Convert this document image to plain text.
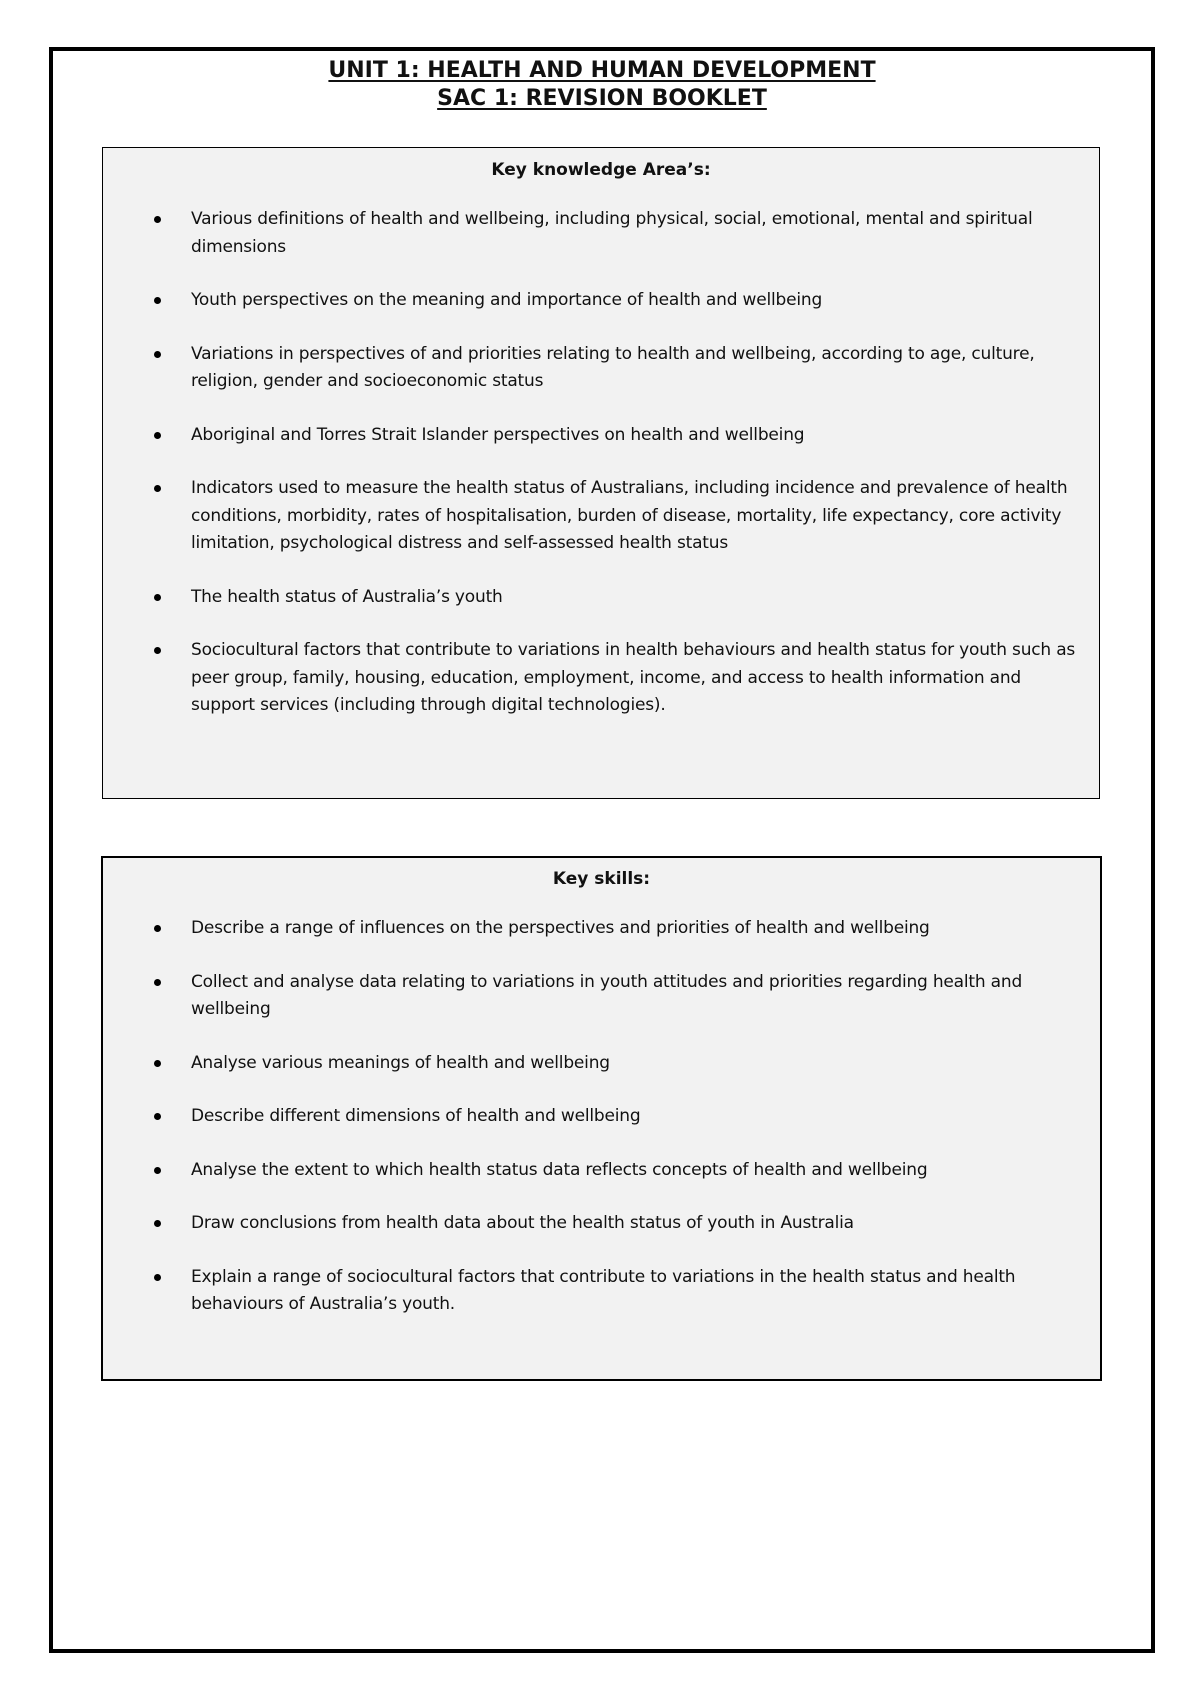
UNIT 1: HEALTH AND HUMAN DEVELOPMENT
SAC 1: REVISION BOOKLET
Key knowledge Area’s:
Various definitions of health and wellbeing, including physical, social, emotional, mental and spiritual dimensions
Youth perspectives on the meaning and importance of health and wellbeing
Variations in perspectives of and priorities relating to health and wellbeing, according to age, culture, religion, gender and socioeconomic status
Aboriginal and Torres Strait Islander perspectives on health and wellbeing
Indicators used to measure the health status of Australians, including incidence and prevalence of health conditions, morbidity, rates of hospitalisation, burden of disease, mortality, life expectancy, core activity limitation, psychological distress and self-assessed health status
The health status of Australia’s youth
Sociocultural factors that contribute to variations in health behaviours and health status for youth such as peer group, family, housing, education, employment, income, and access to health information and support services (including through digital technologies).
Key skills:
Describe a range of influences on the perspectives and priorities of health and wellbeing
Collect and analyse data relating to variations in youth attitudes and priorities regarding health and wellbeing
Analyse various meanings of health and wellbeing
Describe different dimensions of health and wellbeing
Analyse the extent to which health status data reflects concepts of health and wellbeing
Draw conclusions from health data about the health status of youth in Australia
Explain a range of sociocultural factors that contribute to variations in the health status and health behaviours of Australia’s youth.
